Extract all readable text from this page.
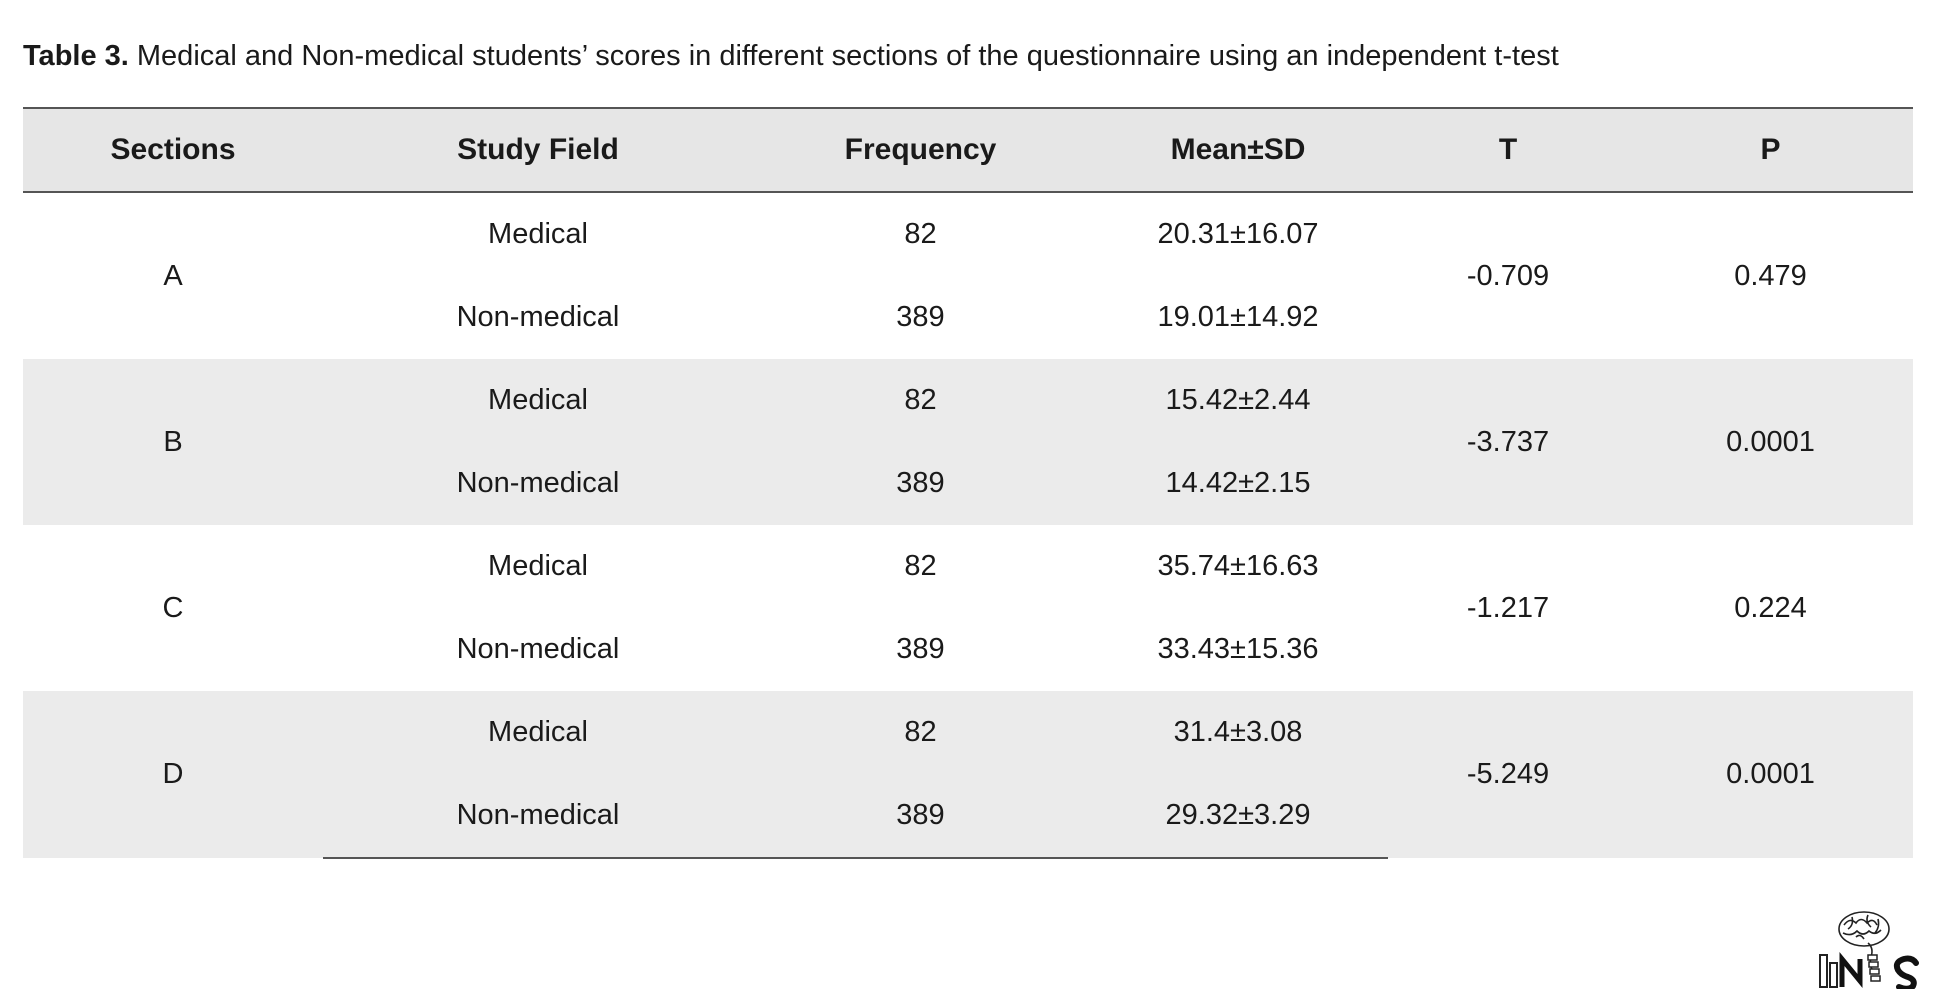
Table 3. Medical and Non-medical students’ scores in different sections of the questionnaire using an independent t-test
Sections	Study Field	Frequency	Mean±SD	T	P
A	Medical	82	20.31±16.07	-0.709	0.479
	Non-medical	389	19.01±14.92		
B	Medical	82	15.42±2.44	-3.737	0.0001
	Non-medical	389	14.42±2.15		
C	Medical	82	35.74±16.63	-1.217	0.224
	Non-medical	389	33.43±15.36		
D	Medical	82	31.4±3.08	-5.249	0.0001
	Non-medical	389	29.32±3.29		
